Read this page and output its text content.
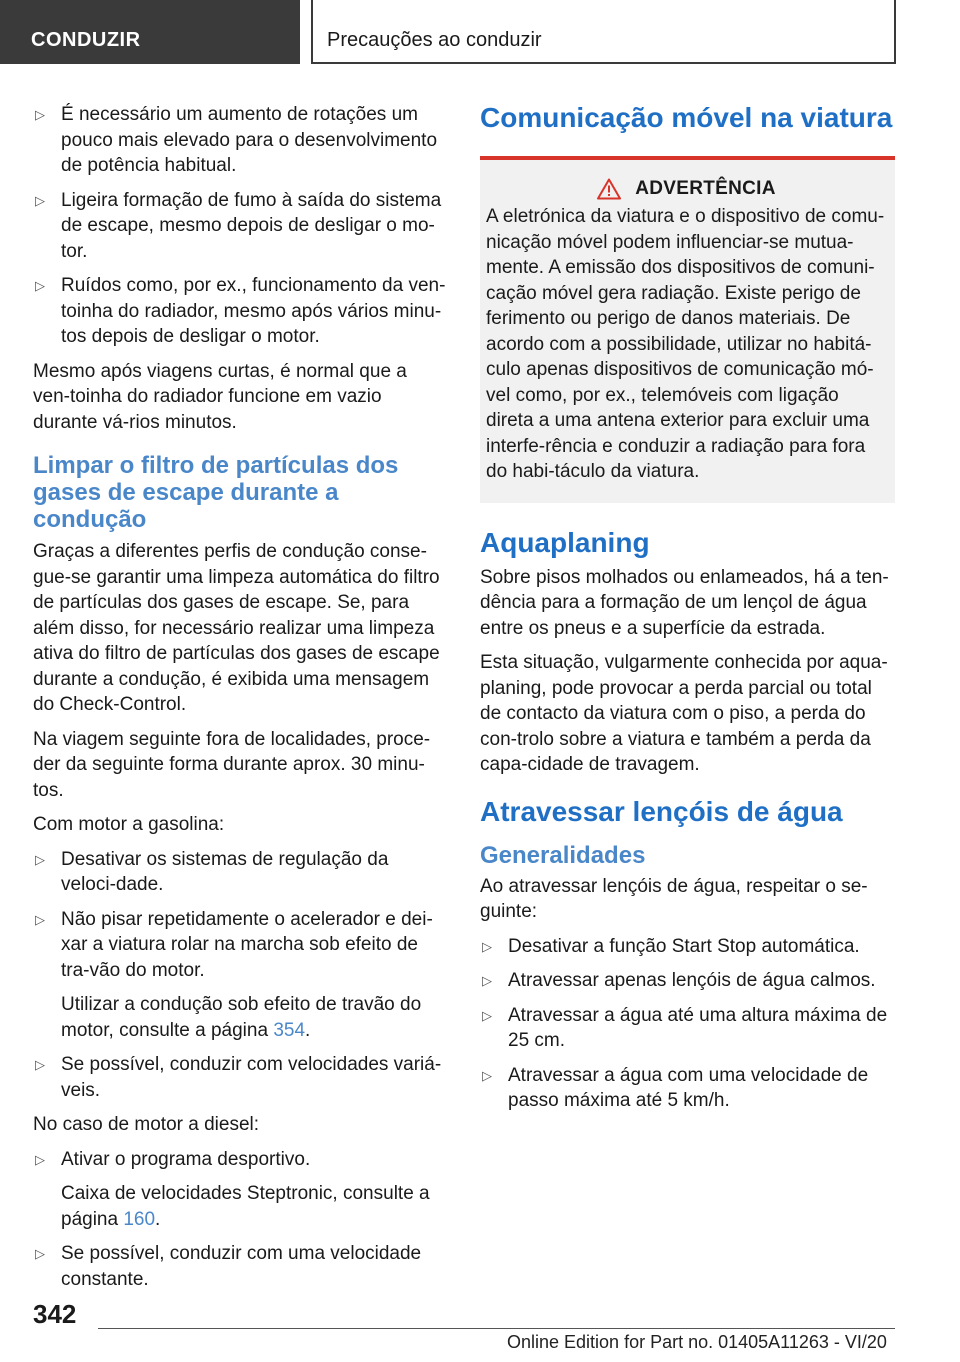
CONDUZIR	Precauções ao conduzir
▷ É necessário um aumento de rotações um pouco mais elevado para o desenvolvimento de potência habitual.
▷ Ligeira formação de fumo à saída do sistema de escape, mesmo depois de desligar o mo-tor.
▷ Ruídos como, por ex., funcionamento da ven-toinha do radiador, mesmo após vários minu-tos depois de desligar o motor.

Mesmo após viagens curtas, é normal que a ven-toinha do radiador funcione em vazio durante vá-rios minutos.

Limpar o filtro de partículas dos gases de escape durante a condução

Graças a diferentes perfis de condução conse-gue-se garantir uma limpeza automática do filtro de partículas dos gases de escape. Se, para além disso, for necessário realizar uma limpeza ativa do filtro de partículas dos gases de escape durante a condução, é exibida uma mensagem do Check-Control.

Na viagem seguinte fora de localidades, proce-der da seguinte forma durante aprox. 30 minu-tos.

Com motor a gasolina:

▷ Desativar os sistemas de regulação da veloci-dade.
▷ Não pisar repetidamente o acelerador e dei-xar a viatura rolar na marcha sob efeito de tra-vão do motor.
Utilizar a condução sob efeito de travão do motor, consulte a página 354.
▷ Se possível, conduzir com velocidades variá-veis.

No caso de motor a diesel:

▷ Ativar o programa desportivo.
Caixa de velocidades Steptronic, consulte a página 160.
▷ Se possível, conduzir com uma velocidade constante.
Comunicação móvel na viatura
ADVERTÊNCIA

A eletrónica da viatura e o dispositivo de comu-nicação móvel podem influenciar-se mutua-mente. A emissão dos dispositivos de comuni-cação móvel gera radiação. Existe perigo de ferimento ou perigo de danos materiais. De acordo com a possibilidade, utilizar no habitá-culo apenas dispositivos de comunicação mó-vel como, por ex., telemóveis com ligação direta a uma antena exterior para excluir uma interfe-rência e conduzir a radiação para fora do habi-táculo da viatura.

Aquaplaning

Sobre pisos molhados ou enlameados, há a ten-dência para a formação de um lençol de água entre os pneus e a superfície da estrada.

Esta situação, vulgarmente conhecida por aqua-planing, pode provocar a perda parcial ou total de contacto da viatura com o piso, a perda do con-trolo sobre a viatura e também a perda da capa-cidade de travagem.

Atravessar lençóis de água
Generalidades

Ao atravessar lençóis de água, respeitar o se-guinte:

▷ Desativar a função Start Stop automática.
▷ Atravessar apenas lençóis de água calmos.
▷ Atravessar a água até uma altura máxima de 25 cm.
▷ Atravessar a água com uma velocidade de passo máxima até 5 km/h.
342
Online Edition for Part no. 01405A11263 - VI/20
